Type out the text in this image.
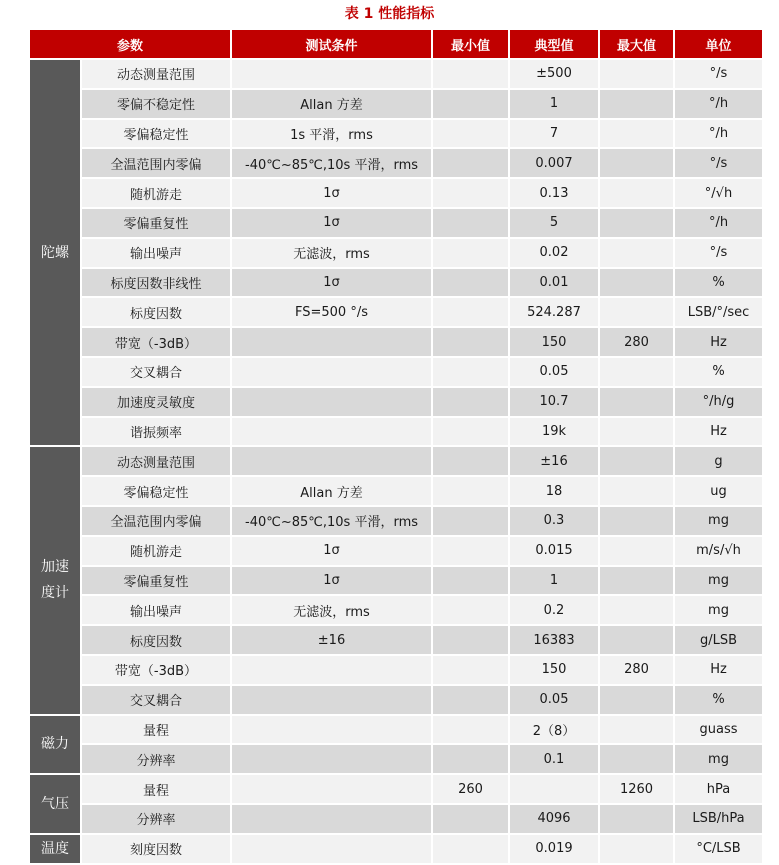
表 1 性能指标
参数		测试条件	最小值	典型值	最大值	单位
陀螺	动态测量范围			±500		°/s
	零偏不稳定性	Allan 方差		1		°/h
	零偏稳定性	1s 平滑，rms		7		°/h
	全温范围内零偏	-40℃~85℃,10s 平滑，rms		0.007		°/s
	随机游走	1σ		0.13		°/√h
	零偏重复性	1σ		5		°/h
	输出噪声	无滤波，rms		0.02		°/s
	标度因数非线性	1σ		0.01		%
	标度因数	FS=500 °/s		524.287		LSB/°/sec
	带宽（-3dB）			150	280	Hz
	交叉耦合			0.05		%
	加速度灵敏度			10.7		°/h/g
	谐振频率			19k		Hz
加速度计	动态测量范围			±16		g
	零偏稳定性	Allan 方差		18		ug
	全温范围内零偏	-40℃~85℃,10s 平滑，rms		0.3		mg
	随机游走	1σ		0.015		m/s/√h
	零偏重复性	1σ		1		mg
	输出噪声	无滤波，rms		0.2		mg
	标度因数	±16		16383		g/LSB
	带宽（-3dB）			150	280	Hz
	交叉耦合			0.05		%
磁力	量程			2（8）		guass
	分辨率			0.1		mg
气压	量程		260		1260	hPa
	分辨率			4096		LSB/hPa
温度	刻度因数			0.019		°C/LSB
